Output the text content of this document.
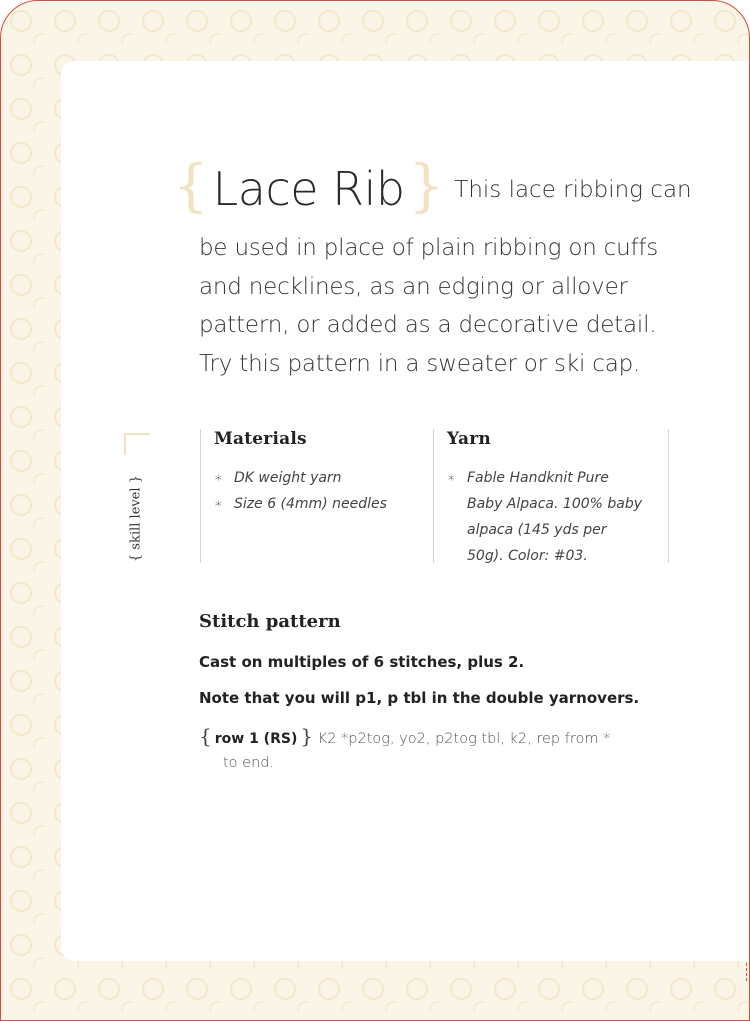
{Lace Rib} This lace ribbing can
be used in place of plain ribbing on cuffs and necklines, as an edging or allover pattern, or added as a decorative detail. Try this pattern in a sweater or ski cap.
{ skill level }
Materials
∗ DK weight yarn
∗ Size 6 (4mm) needles
Yarn
∗ Fable Handknit Pure Baby Alpaca. 100% baby alpaca (145 yds per 50g). Color: #03.
Stitch pattern

Cast on multiples of 6 stitches, plus 2.

Note that you will p1, p tbl in the double yarnovers.

{ row 1 (RS) } K2 *p2tog, yo2, p2tog tbl, k2, rep from *
to end.
